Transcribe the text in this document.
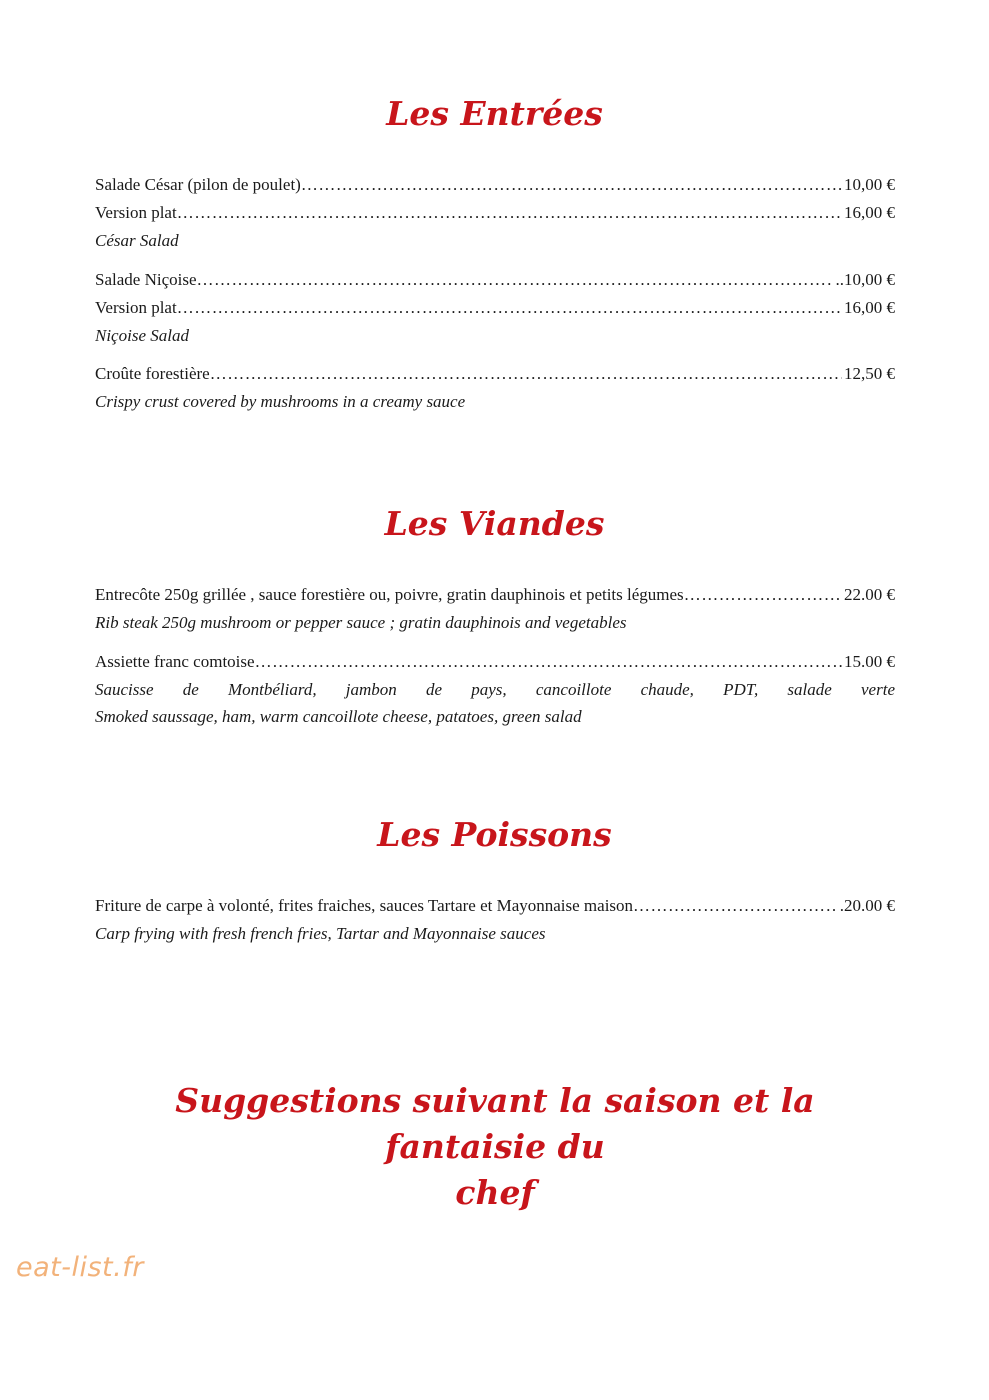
Les Entrées
Salade César (pilon de poulet) …………………………………………………………………………………………………………………………………………………………………………………………………………………………	10,00 €
Version plat …………………………………………………………………………………………………………………………………………………………………………………………………………………………	16,00 €
César Salad
Salade Niçoise …………………………………………………………………………………………………………………………………………………………………………………………………………………………	..10,00 €
Version plat …………………………………………………………………………………………………………………………………………………………………………………………………………………………	16,00 €
Niçoise Salad
Croûte forestière …………………………………………………………………………………………………………………………………………………………………………………………………………………………	12,50 €
Crispy crust covered by mushrooms in a creamy sauce
Les Viandes
Entrecôte 250g grillée , sauce forestière ou, poivre, gratin dauphinois et petits légumes …………………………………………………………………………………………………………………………………………………………………………………………………………………………	22.00 €
Rib steak 250g mushroom or pepper sauce ; gratin dauphinois and vegetables
Assiette franc comtoise …………………………………………………………………………………………………………………………………………………………………………………………………………………………	15.00 €
Saucisse de Montbéliard, jambon de pays, cancoillote chaude, PDT, salade verte
Smoked saussage, ham, warm cancoillote cheese, patatoes, green salad
Les Poissons
Friture de carpe à volonté, frites fraiches, sauces Tartare et Mayonnaise maison …………………………………………………………………………………………………………………………………………………………………………………………………………………………	.20.00 €
Carp frying with fresh french fries, Tartar and Mayonnaise sauces
Suggestions suivant la saison et la fantaisie du
chef
eat-list.fr
